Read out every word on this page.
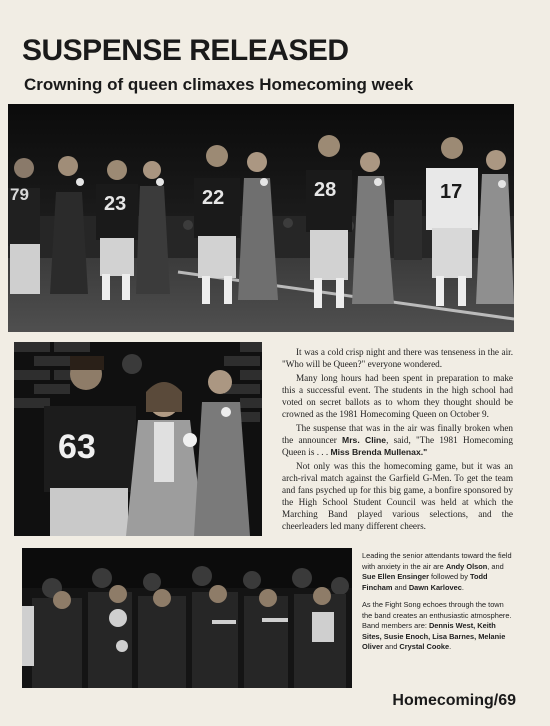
SUSPENSE RELEASED
Crowning of queen climaxes Homecoming week
79	23	22	28	17
63

It was a cold crisp night and there was tenseness in the air. "Who will be Queen?" everyone wondered.

Many long hours had been spent in preparation to make this a successful event. The students in the high school had voted on secret ballots as to whom they thought should be crowned as the 1981 Homecoming Queen on October 9.

The suspense that was in the air was finally broken when the announcer Mrs. Cline, said, "The 1981 Homecoming Queen is . . . Miss Brenda Mullenax."

Not only was this the homecoming game, but it was an arch-rival match against the Garfield G-Men. To get the team and fans psyched up for this big game, a bonfire sponsored by the High School Student Council was held at which the Marching Band played various selections, and the cheerleaders led many different cheers.

Leading the senior attendants toward the field with anxiety in the air are Andy Olson, and Sue Ellen Ensinger followed by Todd Fincham and Dawn Karlovec.

As the Fight Song echoes through the town the band creates an enthusiastic atmosphere. Band members are: Dennis West, Keith Sites, Susie Enoch, Lisa Barnes, Melanie Oliver and Crystal Cooke.

Homecoming/69
